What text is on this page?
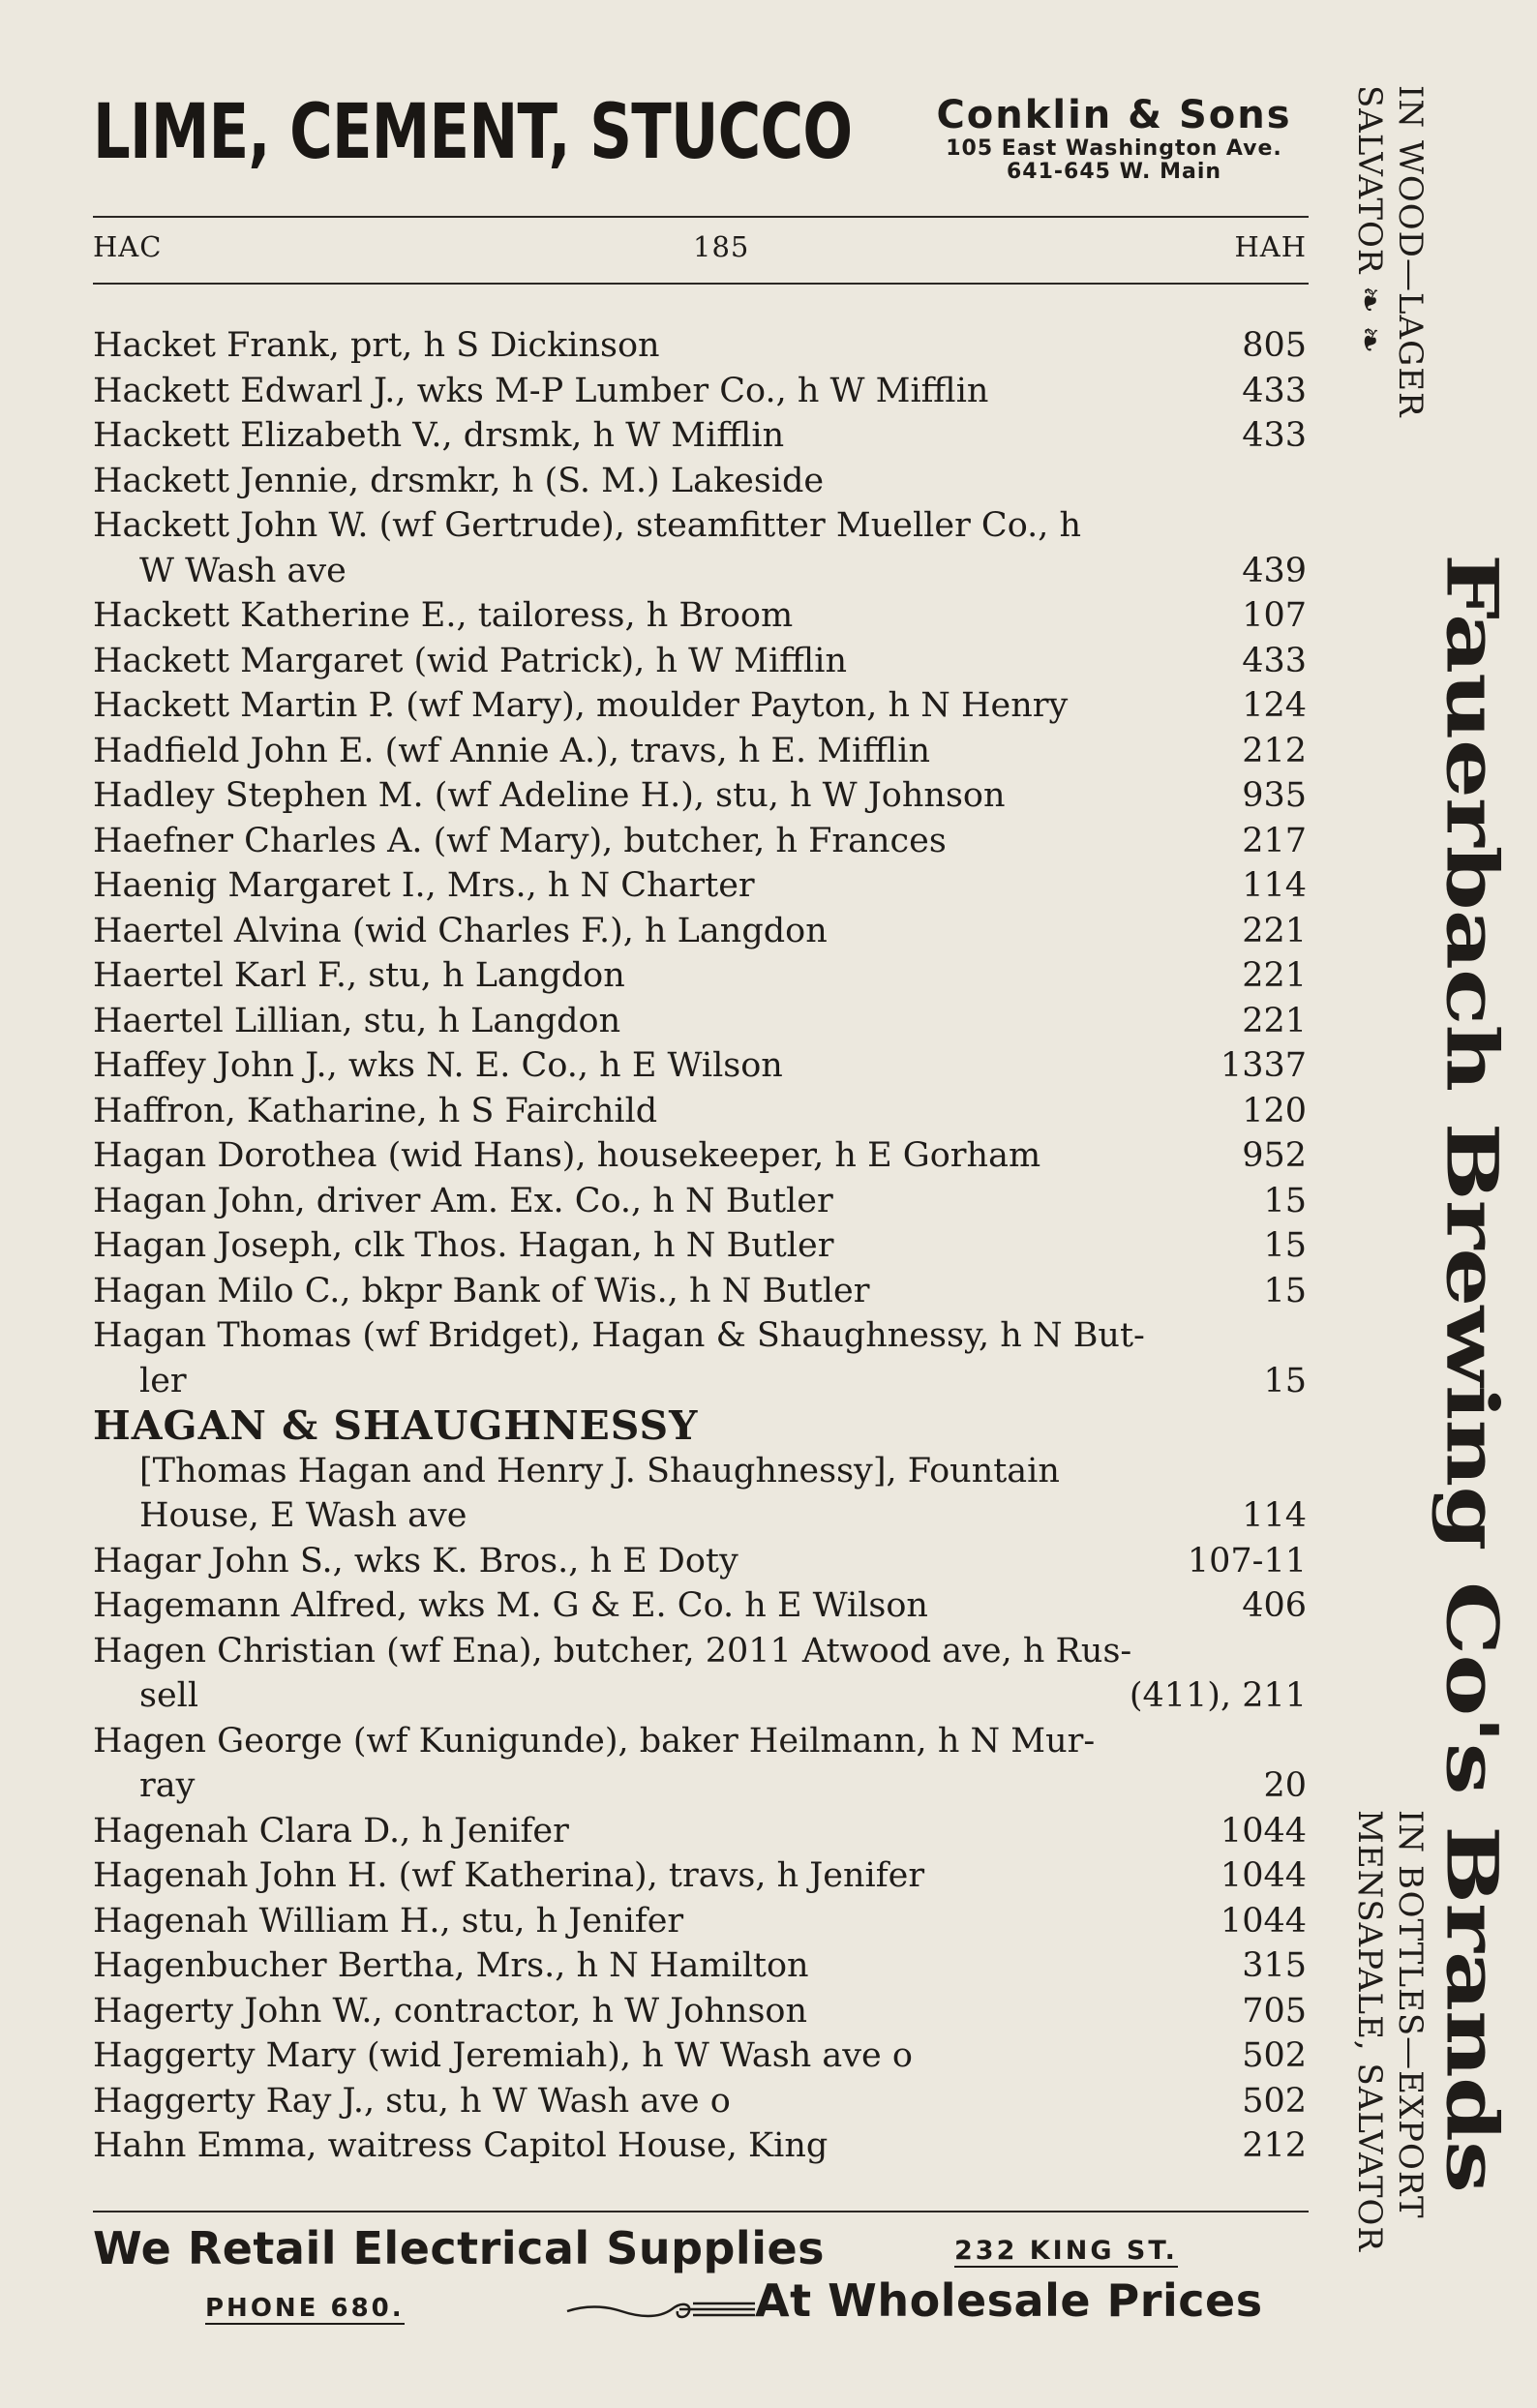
LIME, CEMENT, STUCCO	Conklin & Sons
105 East Washington Ave.
641-645 W. Main
HAC	185	HAH
Hacket Frank, prt, h S Dickinson	805
Hackett Edwarl J., wks M-P Lumber Co., h W Mifflin	433
Hackett Elizabeth V., drsmk, h W Mifflin	433
Hackett Jennie, drsmkr, h (S. M.) Lakeside
Hackett John W. (wf Gertrude), steamfitter Mueller Co., h
W Wash ave	439
Hackett Katherine E., tailoress, h Broom	107
Hackett Margaret (wid Patrick), h W Mifflin	433
Hackett Martin P. (wf Mary), moulder Payton, h N Henry	124
Hadfield John E. (wf Annie A.), travs, h E. Mifflin	212
Hadley Stephen M. (wf Adeline H.), stu, h W Johnson	935
Haefner Charles A. (wf Mary), butcher, h Frances	217
Haenig Margaret I., Mrs., h N Charter	114
Haertel Alvina (wid Charles F.), h Langdon	221
Haertel Karl F., stu, h Langdon	221
Haertel Lillian, stu, h Langdon	221
Haffey John J., wks N. E. Co., h E Wilson	1337
Haffron, Katharine, h S Fairchild	120
Hagan Dorothea (wid Hans), housekeeper, h E Gorham	952
Hagan John, driver Am. Ex. Co., h N Butler	15
Hagan Joseph, clk Thos. Hagan, h N Butler	15
Hagan Milo C., bkpr Bank of Wis., h N Butler	15
Hagan Thomas (wf Bridget), Hagan & Shaughnessy, h N But-
ler	15
HAGAN & SHAUGHNESSY
[Thomas Hagan and Henry J. Shaughnessy], Fountain
House, E Wash ave	114
Hagar John S., wks K. Bros., h E Doty	107-11
Hagemann Alfred, wks M. G & E. Co. h E Wilson	406
Hagen Christian (wf Ena), butcher, 2011 Atwood ave, h Rus-
sell	(411), 211
Hagen George (wf Kunigunde), baker Heilmann, h N Mur-
ray	20
Hagenah Clara D., h Jenifer	1044
Hagenah John H. (wf Katherina), travs, h Jenifer	1044
Hagenah William H., stu, h Jenifer	1044
Hagenbucher Bertha, Mrs., h N Hamilton	315
Hagerty John W., contractor, h W Johnson	705
Haggerty Mary (wid Jeremiah), h W Wash ave o	502
Haggerty Ray J., stu, h W Wash ave o	502
Hahn Emma, waitress Capitol House, King	212
IN WOOD—LAGER
SALVATOR ❧ ❧
Fauerbach Brewing Co's Brands
IN BOTTLES—EXPORT
MENSAPALE, SALVATOR
We Retail Electrical Supplies	232 KING ST.
PHONE 680.	At Wholesale Prices
